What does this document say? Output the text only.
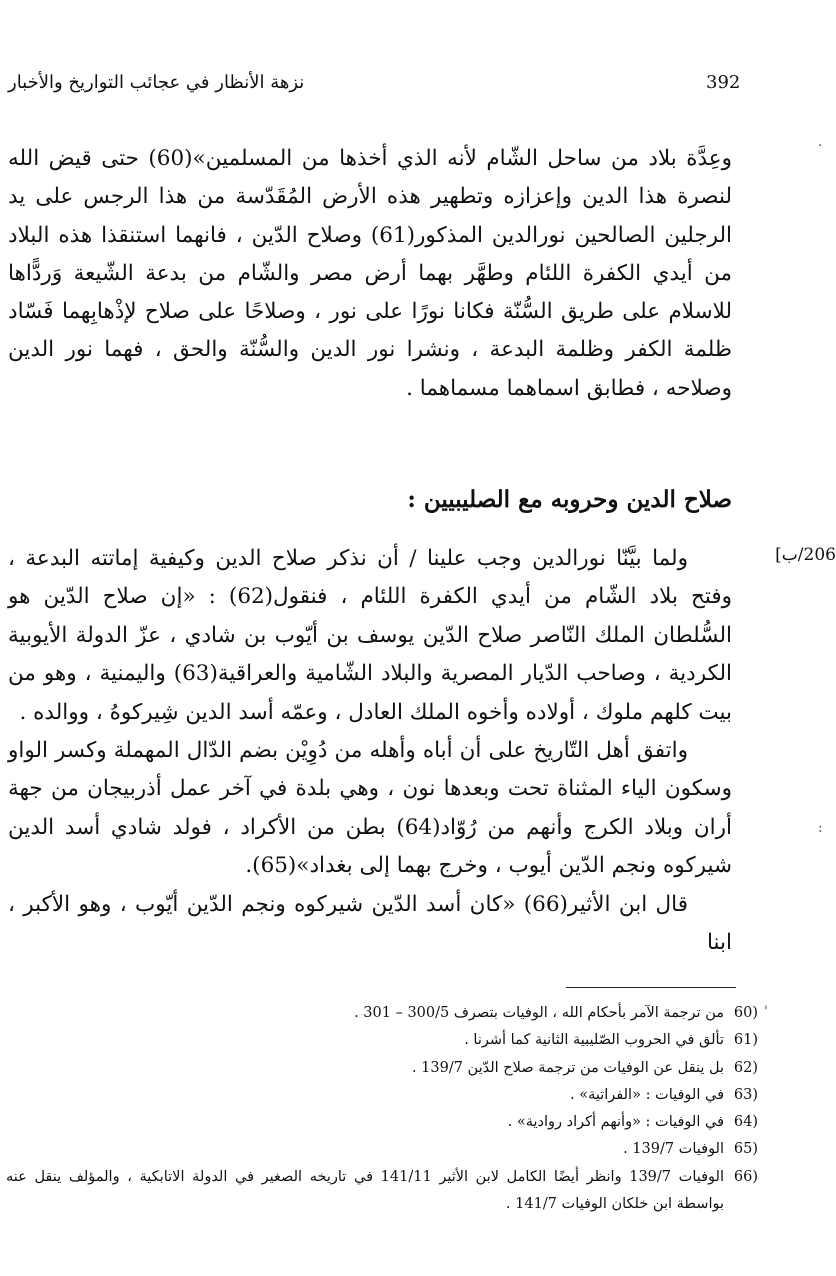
392
نزهة الأنظار في عجائب التواريخ والأخبار

وعِدَّة بلاد من ساحل الشّام لأنه الذي أخذها من المسلمين»(60) حتى قيض الله لنصرة هذا الدين وإعزازه وتطهير هذه الأرض المُقَدّسة من هذا الرجس على يد الرجلين الصالحين نورالدين المذكور(61) وصلاح الدّين ، فانهما استنقذا هذه البلاد من أيدي الكفرة اللئام وطهَّر بهما أرض مصر والشّام من بدعة الشّيعة وَردًّاها للاسلام على طريق السُّنّة فكانا نورًا على نور ، وصلاحًا على صلاح لإذْهابِهما فَسّاد ظلمة الكفر وظلمة البدعة ، ونشرا نور الدين والسُّنّة والحق ، فهما نور الدين وصلاحه ، فطابق اسماهما مسماهما .

صلاح الدين وحروبه مع الصليبيين :
206/ب]

ولما بيَّنّا نورالدين وجب علينا / أن نذكر صلاح الدين وكيفية إماتته البدعة ، وفتح بلاد الشّام من أيدي الكفرة اللئام ، فنقول(62) : «إن صلاح الدّين هو السُّلطان الملك النّاصر صلاح الدّين يوسف بن أيّوب بن شادي ، عزّ الدولة الأيوبية الكردية ، وصاحب الدّيار المصرية والبلاد الشّامية والعراقية(63) واليمنية ، وهو من بيت كلهم ملوك ، أولاده وأخوه الملك العادل ، وعمّه أسد الدين شِيركوهُ ، ووالده .

واتفق أهل التّاريخ على أن أباه وأهله من دُوِيْن بضم الدّال المهملة وكسر الواو وسكون الياء المثناة تحت وبعدها نون ، وهي بلدة في آخر عمل أذربيجان من جهة أران وبلاد الكرج وأنهم من رُوّاد(64) بطن من الأكراد ، فولد شادي أسد الدين شيركوه ونجم الدّين أيوب ، وخرج بهما إلى بغداد»(65).

قال ابن الأثير(66) «كان أسد الدّين شيركوه ونجم الدّين أيّوب ، وهو الأكبر ، ابنا

60)
من ترجمة الآمر بأحكام الله ، الوفيات بتصرف 300/5 – 301 .
61)
تألق في الحروب الصّليبية الثانية كما أشرنا .
62)
بل ينقل عن الوفيات من ترجمة صلاح الدّين 139/7 .
63)
في الوفيات : «الفراتية» .
64)
في الوفيات : «وأنهم أكراد روادية» .
65)
الوفيات 139/7 .
66)
الوفيات 139/7 وانظر أيضًا الكامل لابن الأثير 141/11 في تاريخه الصغير في الدولة الاتابكية ، والمؤلف ينقل عنه بواسطة ابن خلكان الوفيات 141/7 .
·
:
'
